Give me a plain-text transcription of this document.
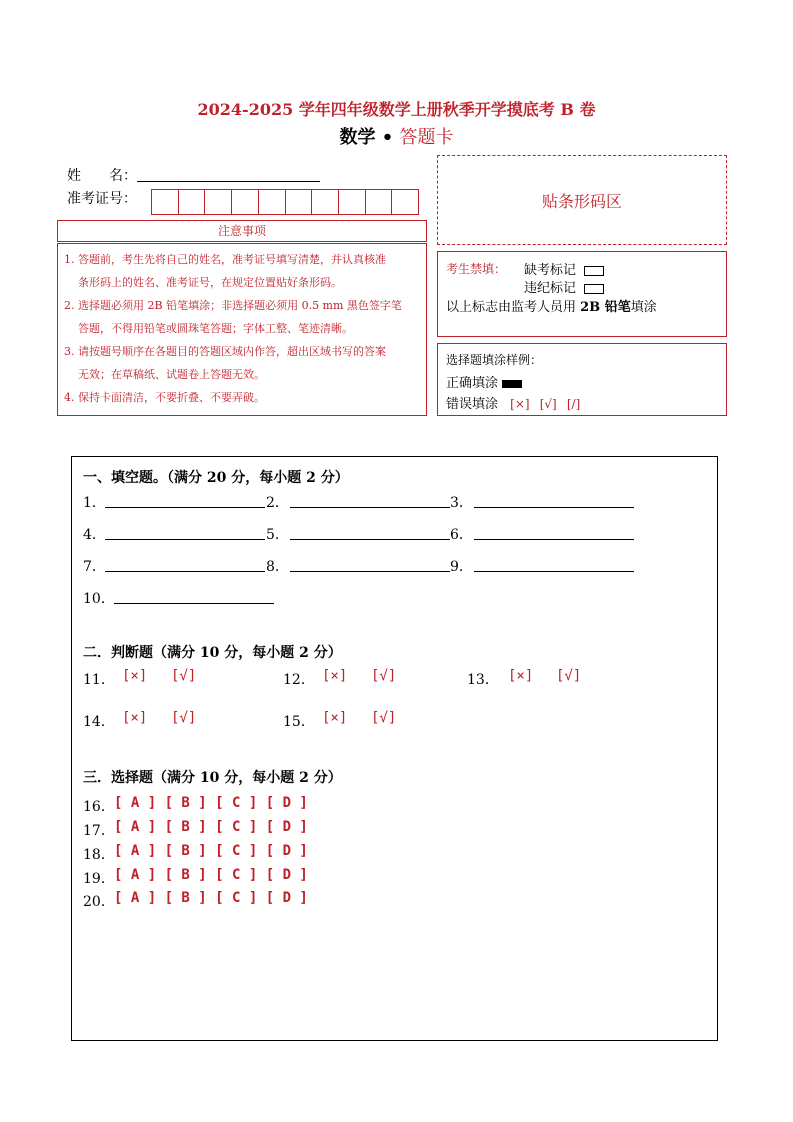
2024-2025 学年四年级数学上册秋季开学摸底考 B 卷
数学 • 答题卡
姓　　名：
准考证号：	贴条形码区
注意事项
1. 答题前，考生先将自己的姓名，准考证号填写清楚，并认真核准
条形码上的姓名、准考证号，在规定位置贴好条形码。
2. 选择题必须用 2B 铅笔填涂；非选择题必须用 0.5 mm 黑色签字笔
答题，不得用铅笔或圆珠笔答题；字体工整、笔迹清晰。
3. 请按题号顺序在各题目的答题区域内作答，超出区域书写的答案
无效；在草稿纸、试题卷上答题无效。
4. 保持卡面清洁，不要折叠、不要弄破。
考生禁填： 缺考标记
违纪标记
以上标志由监考人员用 2B 铅笔填涂
选择题填涂样例：
正确填涂
错误填涂 [×] [√] [/]
一、填空题。（满分 20 分，每小题 2 分）
1．	2．	3．
4．	5．	6．
7．	8．	9．
10．
二．判断题（满分 10 分，每小题 2 分）
11． [×] [√]	12． [×] [√]	13． [×] [√]
14． [×] [√]	15． [×] [√]
三．选择题（满分 10 分，每小题 2 分）
16． [ A ] [ B ] [ C ] [ D ]
17． [ A ] [ B ] [ C ] [ D ]
18． [ A ] [ B ] [ C ] [ D ]
19． [ A ] [ B ] [ C ] [ D ]
20． [ A ] [ B ] [ C ] [ D ]
